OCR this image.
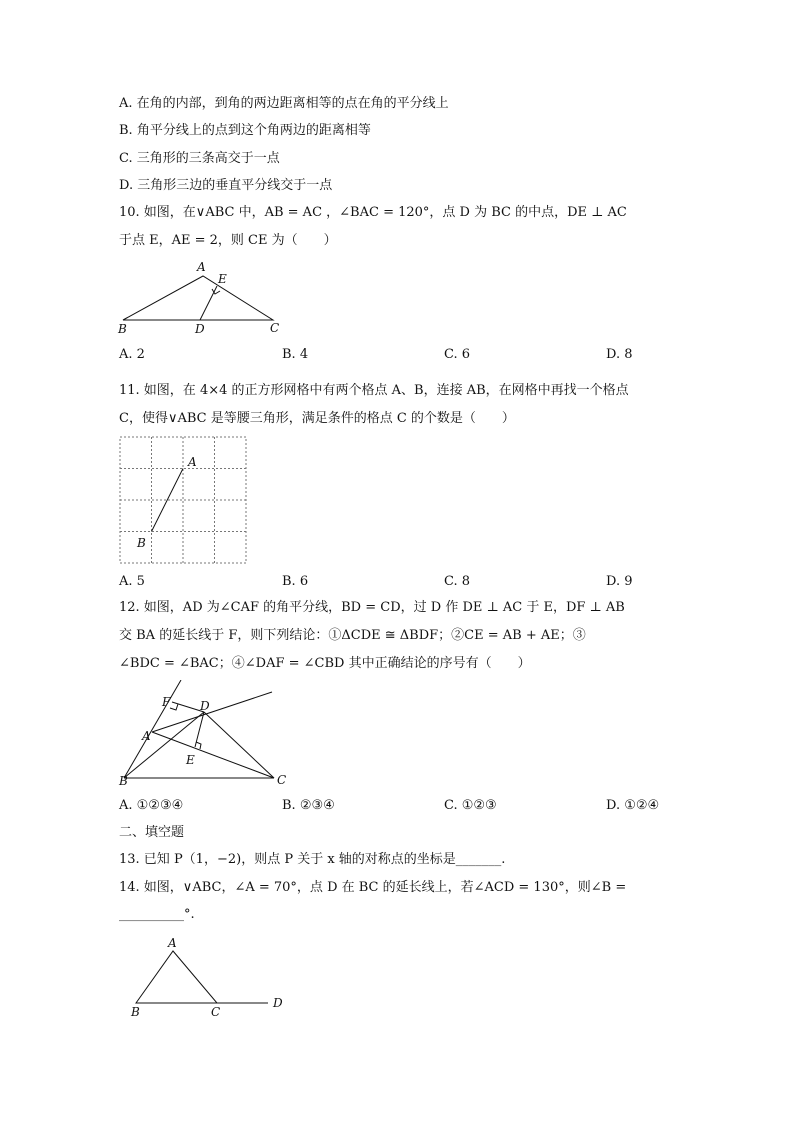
A. 在角的内部，到角的两边距离相等的点在角的平分线上
B. 角平分线上的点到这个角两边的距离相等
C. 三角形的三条高交于一点
D. 三角形三边的垂直平分线交于一点
10. 如图，在∨ABC 中，AB = AC ，∠BAC = 120°，点 D 为 BC 的中点，DE ⊥ AC
于点 E，AE = 2，则 CE 为（　　）
A
E
B	D	C
A. 2	B. 4	C. 6	D. 8
11. 如图，在 4×4 的正方形网格中有两个格点 A、B，连接 AB，在网格中再找一个格点
C，使得∨ABC 是等腰三角形，满足条件的格点 C 的个数是（　　）
A
B
A. 5	B. 6	C. 8	D. 9
12. 如图，AD 为∠CAF 的角平分线，BD = CD，过 D 作 DE ⊥ AC 于 E，DF ⊥ AB
交 BA 的延长线于 F，则下列结论：①ΔCDE ≅ ΔBDF；②CE = AB + AE；③
∠BDC = ∠BAC；④∠DAF = ∠CBD 其中正确结论的序号有（　　）
F D
A
E
B	C
A. ①②③④	B. ②③④	C. ①②③	D. ①②④
二、填空题
13. 已知 P（1，−2)，则点 P 关于 x 轴的对称点的坐标是_______.
14. 如图，∨ABC，∠A = 70°，点 D 在 BC 的延长线上，若∠ACD = 130°，则∠B =
__________°.
A
B	C
D
